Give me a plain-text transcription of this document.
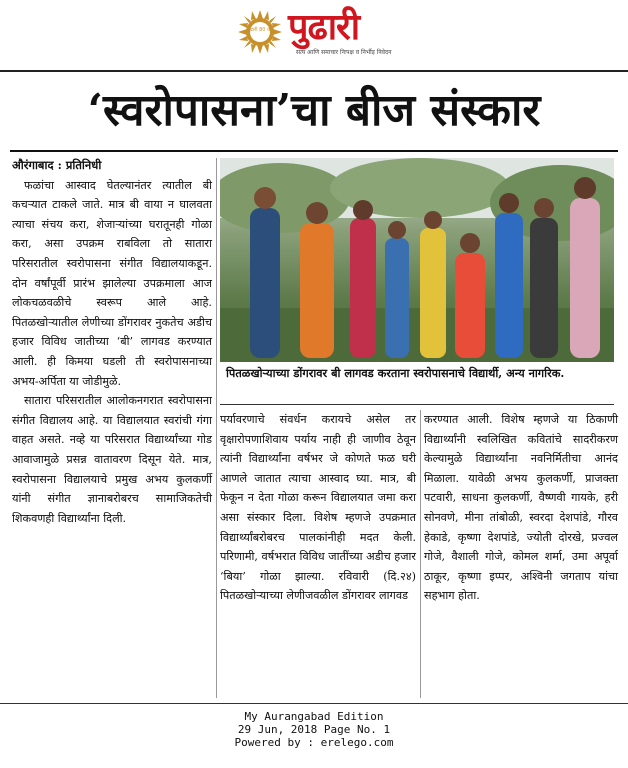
पुढारी 80 वर्षे पुढारी
सत्य आणि समाचार निःपक्ष व निर्भीड़ निवेदन
‘स्वरोपासना’चा बीज संस्कार

औरंगाबाद : प्रतिनिधी

फळांचा आस्वाद घेतल्यानंतर त्यातील बी कचऱ्यात टाकले जाते. मात्र बी वाया न घालवता त्याचा संचय करा, शेजाऱ्यांच्या घरातूनही गोळा करा, असा उपक्रम राबविला तो सातारा परिसरातील स्वरोपासना संगीत विद्यालयाकडून. दोन वर्षांपूर्वी प्रारंभ झालेल्या उपक्रमाला आज लोकचळवळीचे स्वरूप आले आहे. पितळखोऱ्यातील लेणीच्या डोंगरावर नुकतेच अडीच हजार विविध जातीच्या ‘बी’ लागवड करण्यात आली. ही किमया घडली ती स्वरोपासनाच्या अभय-अर्पिता या जोडीमुळे.

सातारा परिसरातील आलोकनगरात स्वरोपासना संगीत विद्यालय आहे. या विद्यालयात स्वरांची गंगा वाहत असते. नव्हे या परिसरात विद्यार्थ्यांच्या गोड आवाजामुळे प्रसन्न वातावरण दिसून येते. मात्र, स्वरोपासना विद्यालयाचे प्रमुख अभय कुलकर्णी यांनी संगीत ज्ञानाबरोबरच सामाजिकतेची शिकवणही विद्यार्थ्यांना दिली.

पितळखोऱ्याच्या डोंगरावर बी लागवड करताना स्वरोपासनाचे विद्यार्थी, अन्य नागरिक.

पर्यावरणाचे संवर्धन करायचे असेल तर वृक्षारोपणाशिवाय पर्याय नाही ही जाणीव ठेवून त्यांनी विद्यार्थ्यांना वर्षभर जे कोणते फळ घरी आणले जातात त्याचा आस्वाद घ्या. मात्र, बी फेकून न देता गोळा करून विद्यालयात जमा करा असा संस्कार दिला. विशेष म्हणजे उपक्रमात विद्यार्थ्यांबरोबरच पालकांनीही मदत केली. परिणामी, वर्षभरात विविध जातींच्या अडीच हजार ‘बिया’ गोळा झाल्या. रविवारी (दि.२४) पितळखोऱ्याच्या लेणीजवळील डोंगरावर लागवड

करण्यात आली. विशेष म्हणजे या ठिकाणी विद्यार्थ्यांनी स्वलिखित कवितांचे सादरीकरण केल्यामुळे विद्यार्थ्यांना नवनिर्मितीचा आनंद मिळाला. यावेळी अभय कुलकर्णी, प्राजक्ता पटवारी, साधना कुलकर्णी, वैष्णवी गायके, हरी सोनवणे, मीना तांबोळी, स्वरदा देशपांडे, गौरव हेकाडे, कृष्णा देशपांडे, ज्योती दोरखे, प्रज्वल गोजे, वैशाली गोजे, कोमल शर्मा, उमा अपूर्वा ठाकूर, कृष्णा इप्पर, अश्विनी जगताप यांचा सहभाग होता.

My Aurangabad Edition
29 Jun, 2018 Page No. 1
Powered by : erelego.com
